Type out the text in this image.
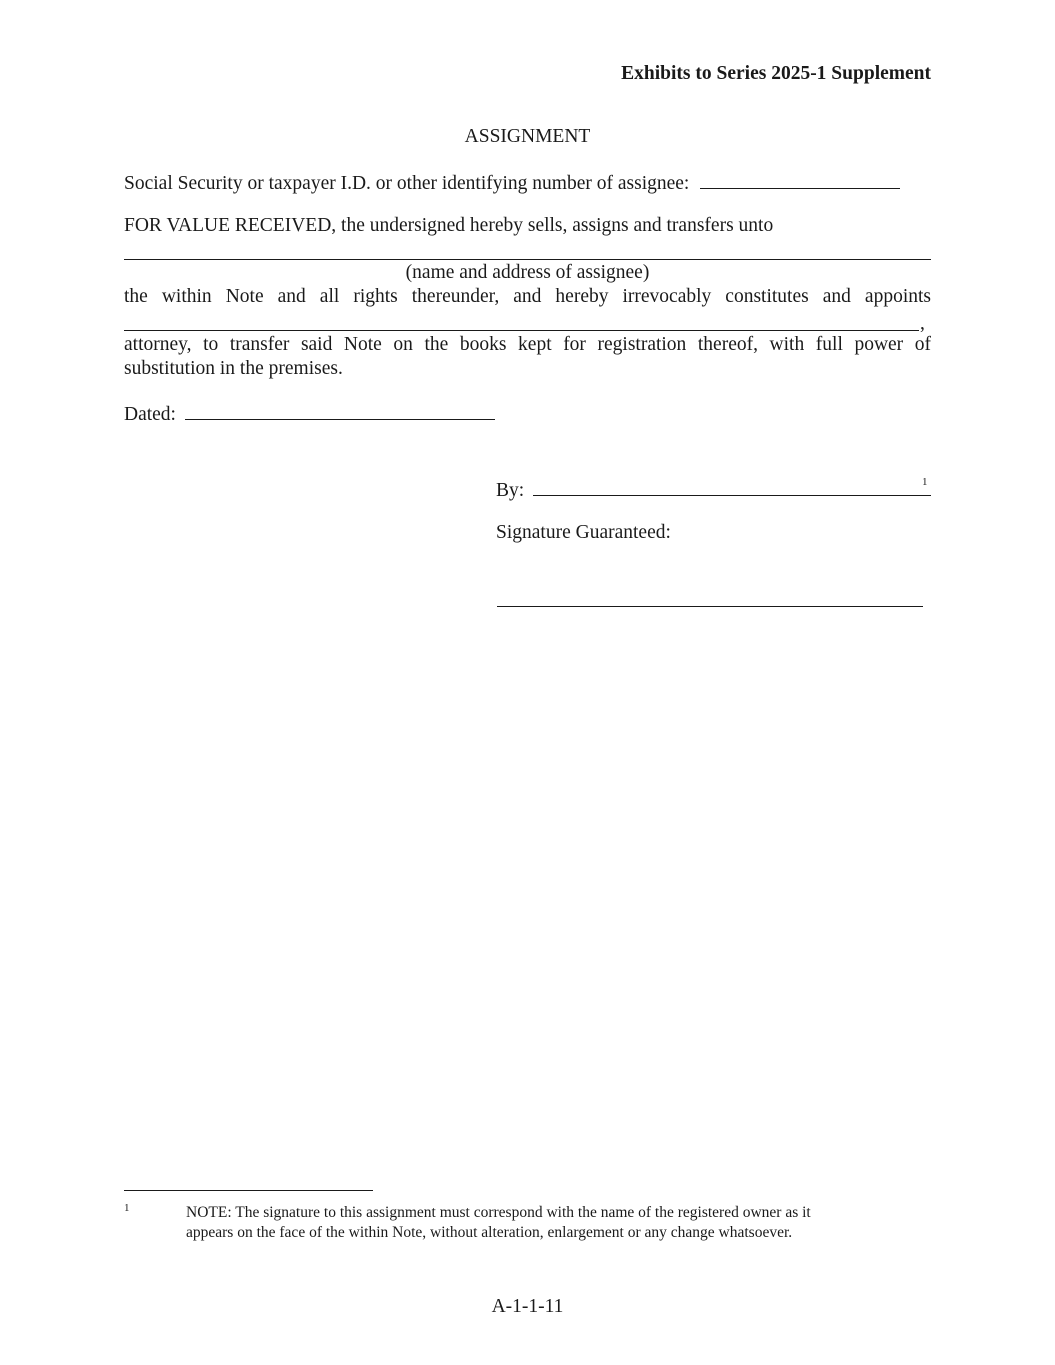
Exhibits to Series 2025-1 Supplement
ASSIGNMENT
Social Security or taxpayer I.D. or other identifying number of assignee:
FOR VALUE RECEIVED, the undersigned hereby sells, assigns and transfers unto
(name and address of assignee)
the within Note and all rights thereunder, and hereby irrevocably constitutes and appoints
,
attorney, to transfer said Note on the books kept for registration thereof, with full power of
substitution in the premises.
Dated:
By:	1
Signature Guaranteed:
1	NOTE: The signature to this assignment must correspond with the name of the registered owner as it
appears on the face of the within Note, without alteration, enlargement or any change whatsoever.
A-1-1-11
